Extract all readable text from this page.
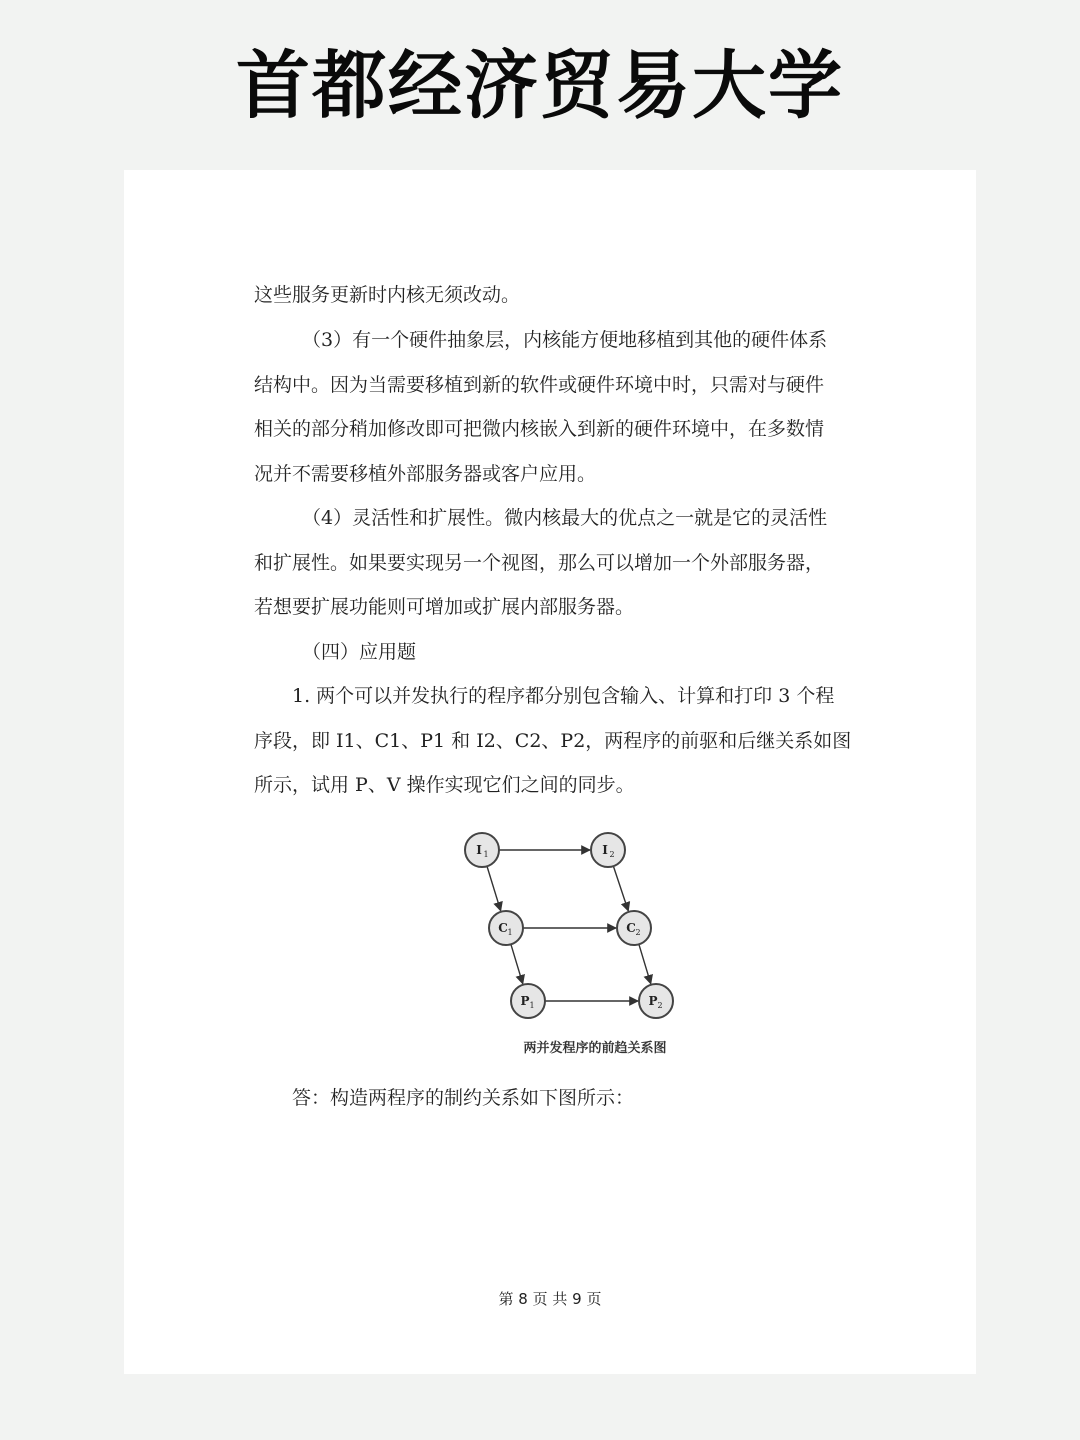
首都经济贸易大学

这些服务更新时内核无须改动。

（3）有一个硬件抽象层，内核能方便地移植到其他的硬件体系
结构中。因为当需要移植到新的软件或硬件环境中时，只需对与硬件
相关的部分稍加修改即可把微内核嵌入到新的硬件环境中，在多数情
况并不需要移植外部服务器或客户应用。

（4）灵活性和扩展性。微内核最大的优点之一就是它的灵活性
和扩展性。如果要实现另一个视图，那么可以增加一个外部服务器，
若想要扩展功能则可增加或扩展内部服务器。

（四）应用题

1. 两个可以并发执行的程序都分别包含输入、计算和打印 3 个程
序段，即 I1、C1、P1 和 I2、C2、P2，两程序的前驱和后继关系如图
所示，试用 P、V 操作实现它们之间的同步。

I 1	I 2
C 1	C 2
P 1	P 2
两并发程序的前趋关系图

答：构造两程序的制约关系如下图所示：

第 8 页 共 9 页
